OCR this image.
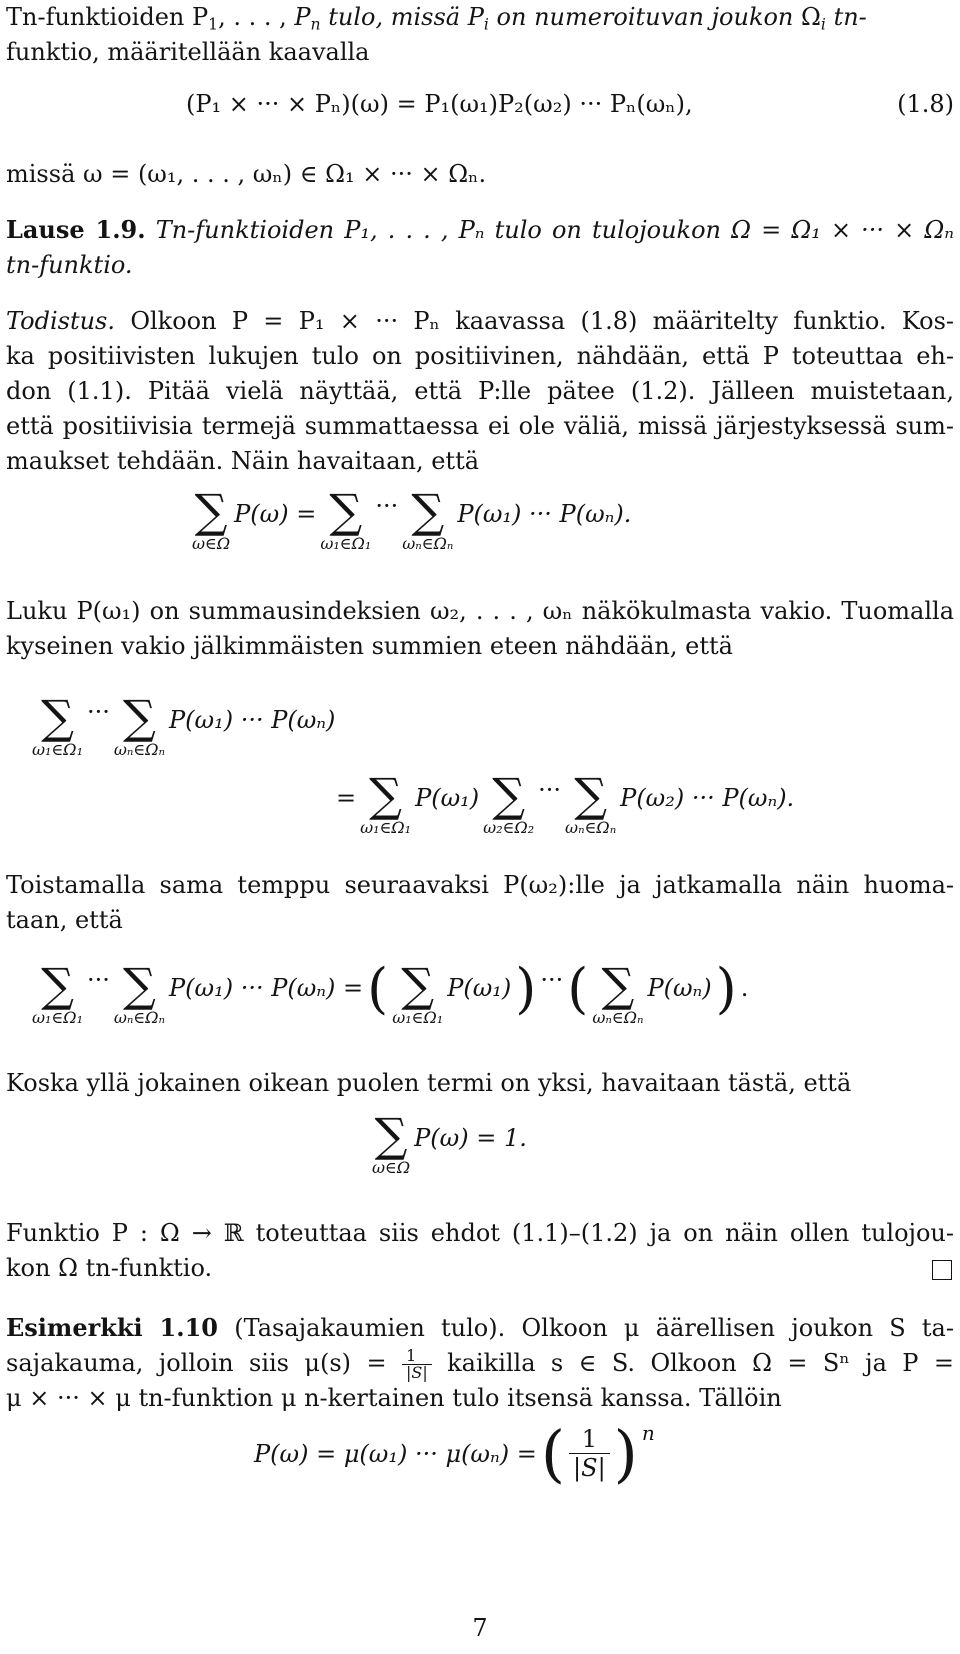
Tn-funktioiden $P_1$, . . . , $P_n$ tulo, missä $P_i$ on numeroituvan joukon $\Omega_i$ tn-
funktio, määritellään kaavalla
(P₁ × ··· × Pₙ)(ω) = P₁(ω₁)P₂(ω₂) ··· Pₙ(ωₙ),	(1.8)
missä ω = (ω₁, . . . , ωₙ) ∈ Ω₁ × ··· × Ωₙ.
Lause 1.9. Tn-funktioiden P₁, . . . , Pₙ tulo on tulojoukon Ω = Ω₁ × ··· × Ωₙ
tn-funktio.
Todistus. Olkoon P = P₁ × ··· Pₙ kaavassa (1.8) määritelty funktio. Kos-
ka positiivisten lukujen tulo on positiivinen, nähdään, että P toteuttaa eh-
don (1.1). Pitää vielä näyttää, että P:lle pätee (1.2). Jälleen muistetaan,
että positiivisia termejä summattaessa ei ole väliä, missä järjestyksessä sum-
maukset tehdään. Näin havaitaan, että
∑
ω∈Ω
P(ω) = ∑
ω₁∈Ω₁
··· ∑
ωₙ∈Ωₙ
P(ω₁) ··· P(ωₙ).
Luku P(ω₁) on summausindeksien ω₂, . . . , ωₙ näkökulmasta vakio. Tuomalla
kyseinen vakio jälkimmäisten summien eteen nähdään, että
∑
ω₁∈Ω₁
··· ∑
ωₙ∈Ωₙ
P(ω₁) ··· P(ωₙ)
= ∑
ω₁∈Ω₁
P(ω₁) ∑
ω₂∈Ω₂
··· ∑
ωₙ∈Ωₙ
P(ω₂) ··· P(ωₙ).
Toistamalla sama temppu seuraavaksi P(ω₂):lle ja jatkamalla näin huoma-
taan, että
∑
ω₁∈Ω₁
··· ∑
ωₙ∈Ωₙ
P(ω₁) ··· P(ωₙ) = ( ∑
ω₁∈Ω₁
P(ω₁) ) ··· ( ∑
ωₙ∈Ωₙ
P(ωₙ) ) .
Koska yllä jokainen oikean puolen termi on yksi, havaitaan tästä, että
∑
ω∈Ω
P(ω) = 1.
Funktio P : Ω → ℝ toteuttaa siis ehdot (1.1)–(1.2) ja on näin ollen tulojou-
kon Ω tn-funktio.
Esimerkki 1.10 (Tasajakaumien tulo). Olkoon μ äärellisen joukon S ta-
sajakauma, jolloin siis $\mu(s) = \frac{1}{|S|}$ kaikilla s ∈ S. Olkoon Ω = Sⁿ ja P =
μ × ··· × μ tn-funktion μ n-kertainen tulo itsensä kanssa. Tällöin
P(ω) = μ(ω₁) ··· μ(ωₙ) = ( $\frac{1}{|S|}$ ) n
7
